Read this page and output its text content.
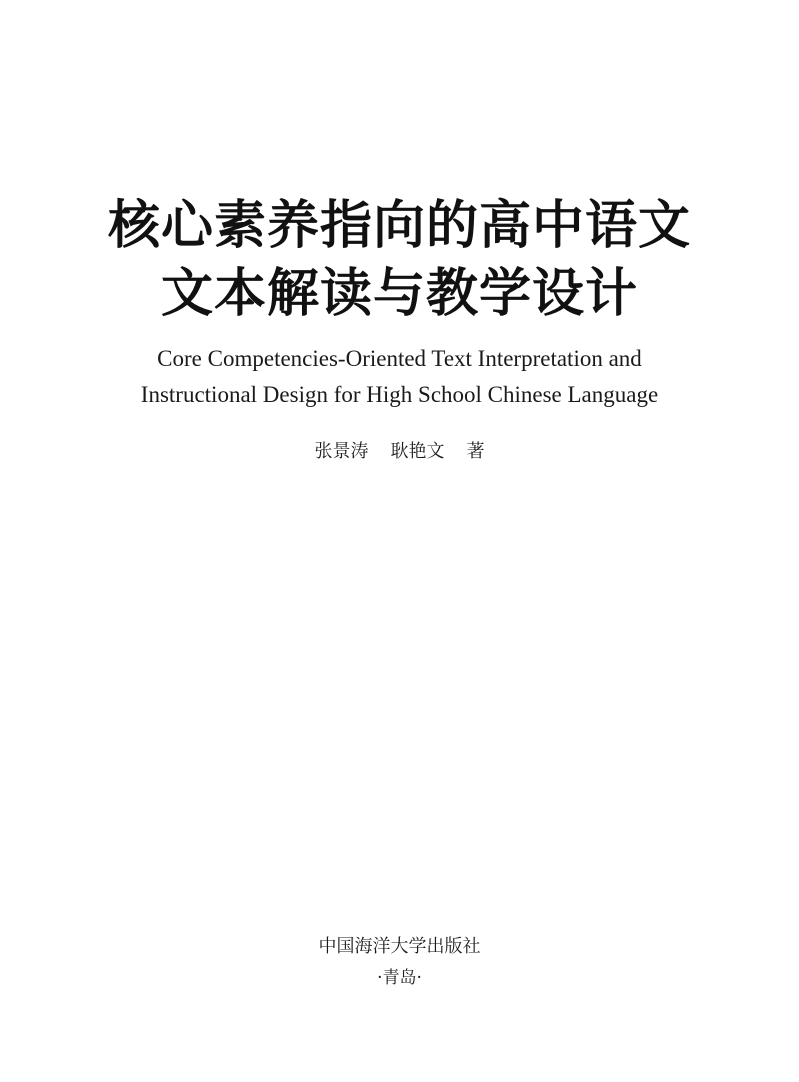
核心素养指向的高中语文
文本解读与教学设计
Core Competencies-Oriented Text Interpretation and
Instructional Design for High School Chinese Language
张景涛 耿艳文 著
中国海洋大学出版社
·青岛·
